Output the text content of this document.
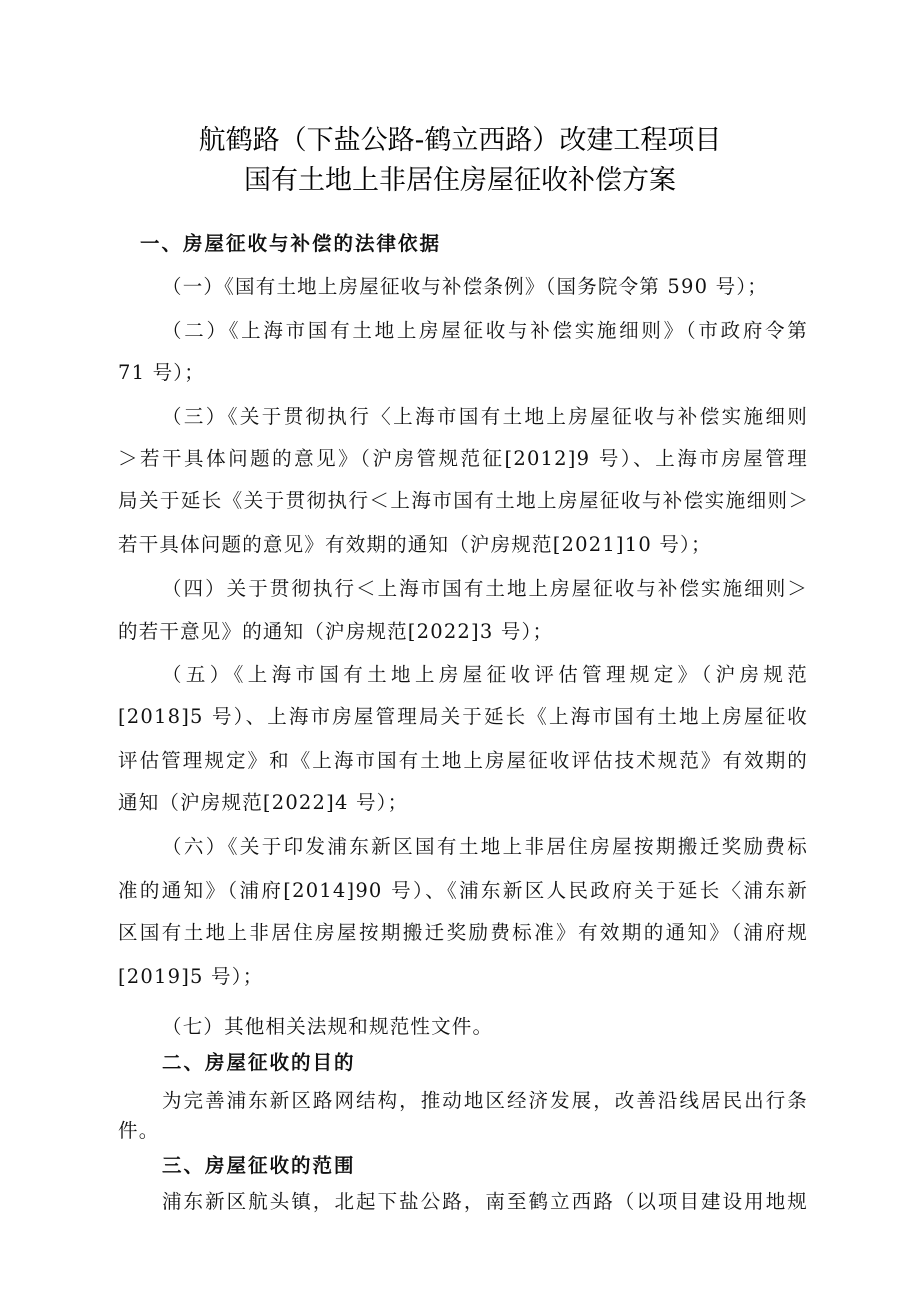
航鹤路（下盐公路-鹤立西路）改建工程项目
国有土地上非居住房屋征收补偿方案
一、房屋征收与补偿的法律依据
（一）《国有土地上房屋征收与补偿条例》（国务院令第 590 号）；
（二）《上海市国有土地上房屋征收与补偿实施细则》（市政府令第
71 号）；
（三）《关于贯彻执行〈上海市国有土地上房屋征收与补偿实施细则
＞若干具体问题的意见》（沪房管规范征[2012]9 号）、上海市房屋管理
局关于延长《关于贯彻执行＜上海市国有土地上房屋征收与补偿实施细则＞
若干具体问题的意见》有效期的通知（沪房规范[2021]10 号）；
（四）关于贯彻执行＜上海市国有土地上房屋征收与补偿实施细则＞
的若干意见》的通知（沪房规范[2022]3 号）；
（五）《上海市国有土地上房屋征收评估管理规定》（沪房规范
[2018]5 号）、上海市房屋管理局关于延长《上海市国有土地上房屋征收
评估管理规定》和《上海市国有土地上房屋征收评估技术规范》有效期的
通知（沪房规范[2022]4 号）；
（六）《关于印发浦东新区国有土地上非居住房屋按期搬迁奖励费标
准的通知》（浦府[2014]90 号）、《浦东新区人民政府关于延长〈浦东新
区国有土地上非居住房屋按期搬迁奖励费标准》有效期的通知》（浦府规
[2019]5 号）；
（七）其他相关法规和规范性文件。
二、房屋征收的目的
为完善浦东新区路网结构，推动地区经济发展，改善沿线居民出行条
件。
三、房屋征收的范围
浦东新区航头镇，北起下盐公路，南至鹤立西路（以项目建设用地规
